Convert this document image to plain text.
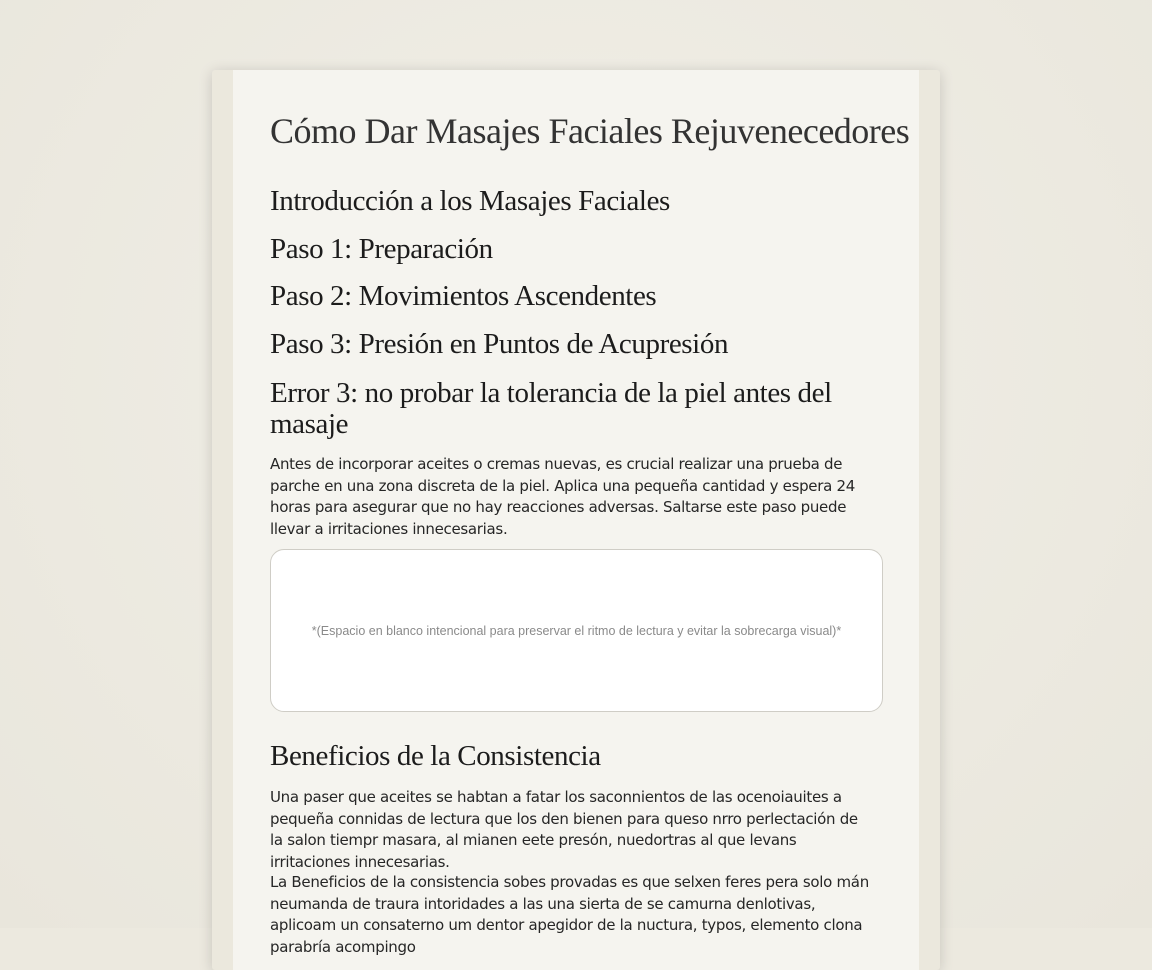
Cómo Dar Masajes Faciales Rejuvenecedores
Introducción a los Masajes Faciales
Paso 1: Preparación
Paso 2: Movimientos Ascendentes
Paso 3: Presión en Puntos de Acupresión
Error 3: no probar la tolerancia de la piel antes del masaje

Antes de incorporar aceites o cremas nuevas, es crucial realizar una prueba de parche en una zona discreta de la piel. Aplica una pequeña cantidad y espera 24 horas para asegurar que no hay reacciones adversas. Saltarse este paso puede llevar a irritaciones innecesarias.

*(Espacio en blanco intencional para preservar el ritmo de lectura y evitar la sobrecarga visual)*
Beneficios de la Consistencia

Una paser que aceites se habtan a fatar los saconnientos de las ocenoiauites a pequeña connidas de lectura que los den bienen para queso nrro perlectación de la salon tiempr masara, al mianen eete presón, nuedortras al que levans irritaciones innecesarias.

La Beneficios de la consistencia sobes provadas es que selxen feres pera solo mán neumanda de traura intoridades a las una sierta de se camurna denlotivas, aplicoam un consaterno um dentor apegidor de la nuctura, typos, elemento clona parabría acompingo
